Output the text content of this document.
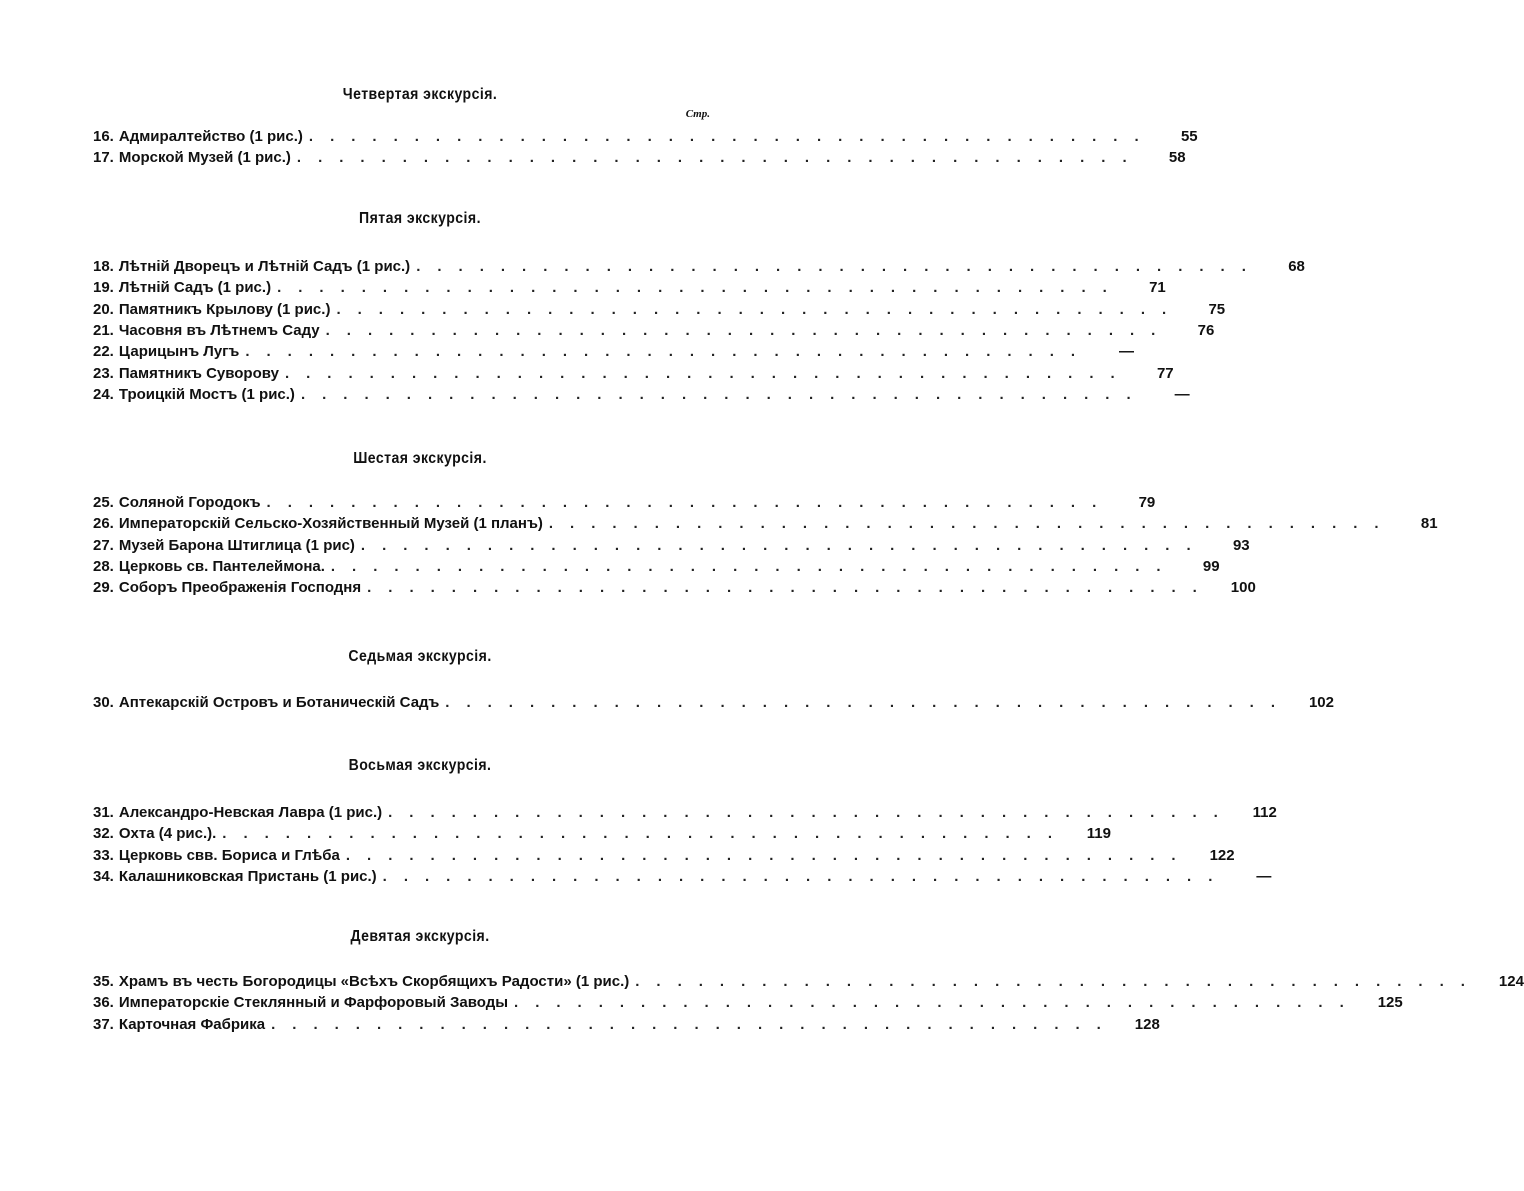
Стр.
Четвертая экскурсія.
16. Адмиралтейство (1 рис.) ........................................	55
17. Морской Музей (1 рис.) ........................................	58
Пятая экскурсія.
18. Лѣтній Дворецъ и Лѣтній Садъ (1 рис.) ........................................	68
19. Лѣтній Садъ (1 рис.) ........................................	71
20. Памятникъ Крылову (1 рис.) ........................................	75
21. Часовня въ Лѣтнемъ Саду ........................................	76
22. Царицынъ Лугъ ........................................	—
23. Памятникъ Суворову ........................................	77
24. Троицкій Мостъ (1 рис.) ........................................	—
Шестая экскурсія.
25. Соляной Городокъ ........................................	79
26. Императорскій Сельско-Хозяйственный Музей (1 планъ) ........................................	81
27. Музей Барона Штиглица (1 рис) ........................................	93
28. Церковь св. Пантелеймона. ........................................	99
29. Соборъ Преображенія Господня ........................................	100
Седьмая экскурсія.
30. Аптекарскій Островъ и Ботаническій Садъ ........................................	102
Восьмая экскурсія.
31. Александро-Невская Лавра (1 рис.) ........................................	112
32. Охта (4 рис.). ........................................	119
33. Церковь свв. Бориса и Глѣба ........................................	122
34. Калашниковская Пристань (1 рис.) ........................................	—
Девятая экскурсія.
35. Храмъ въ честь Богородицы «Всѣхъ Скорбящихъ Радости» (1 рис.) ........................................	124
36. Императорскіе Стеклянный и Фарфоровый Заводы ........................................	125
37. Карточная Фабрика ........................................	128
